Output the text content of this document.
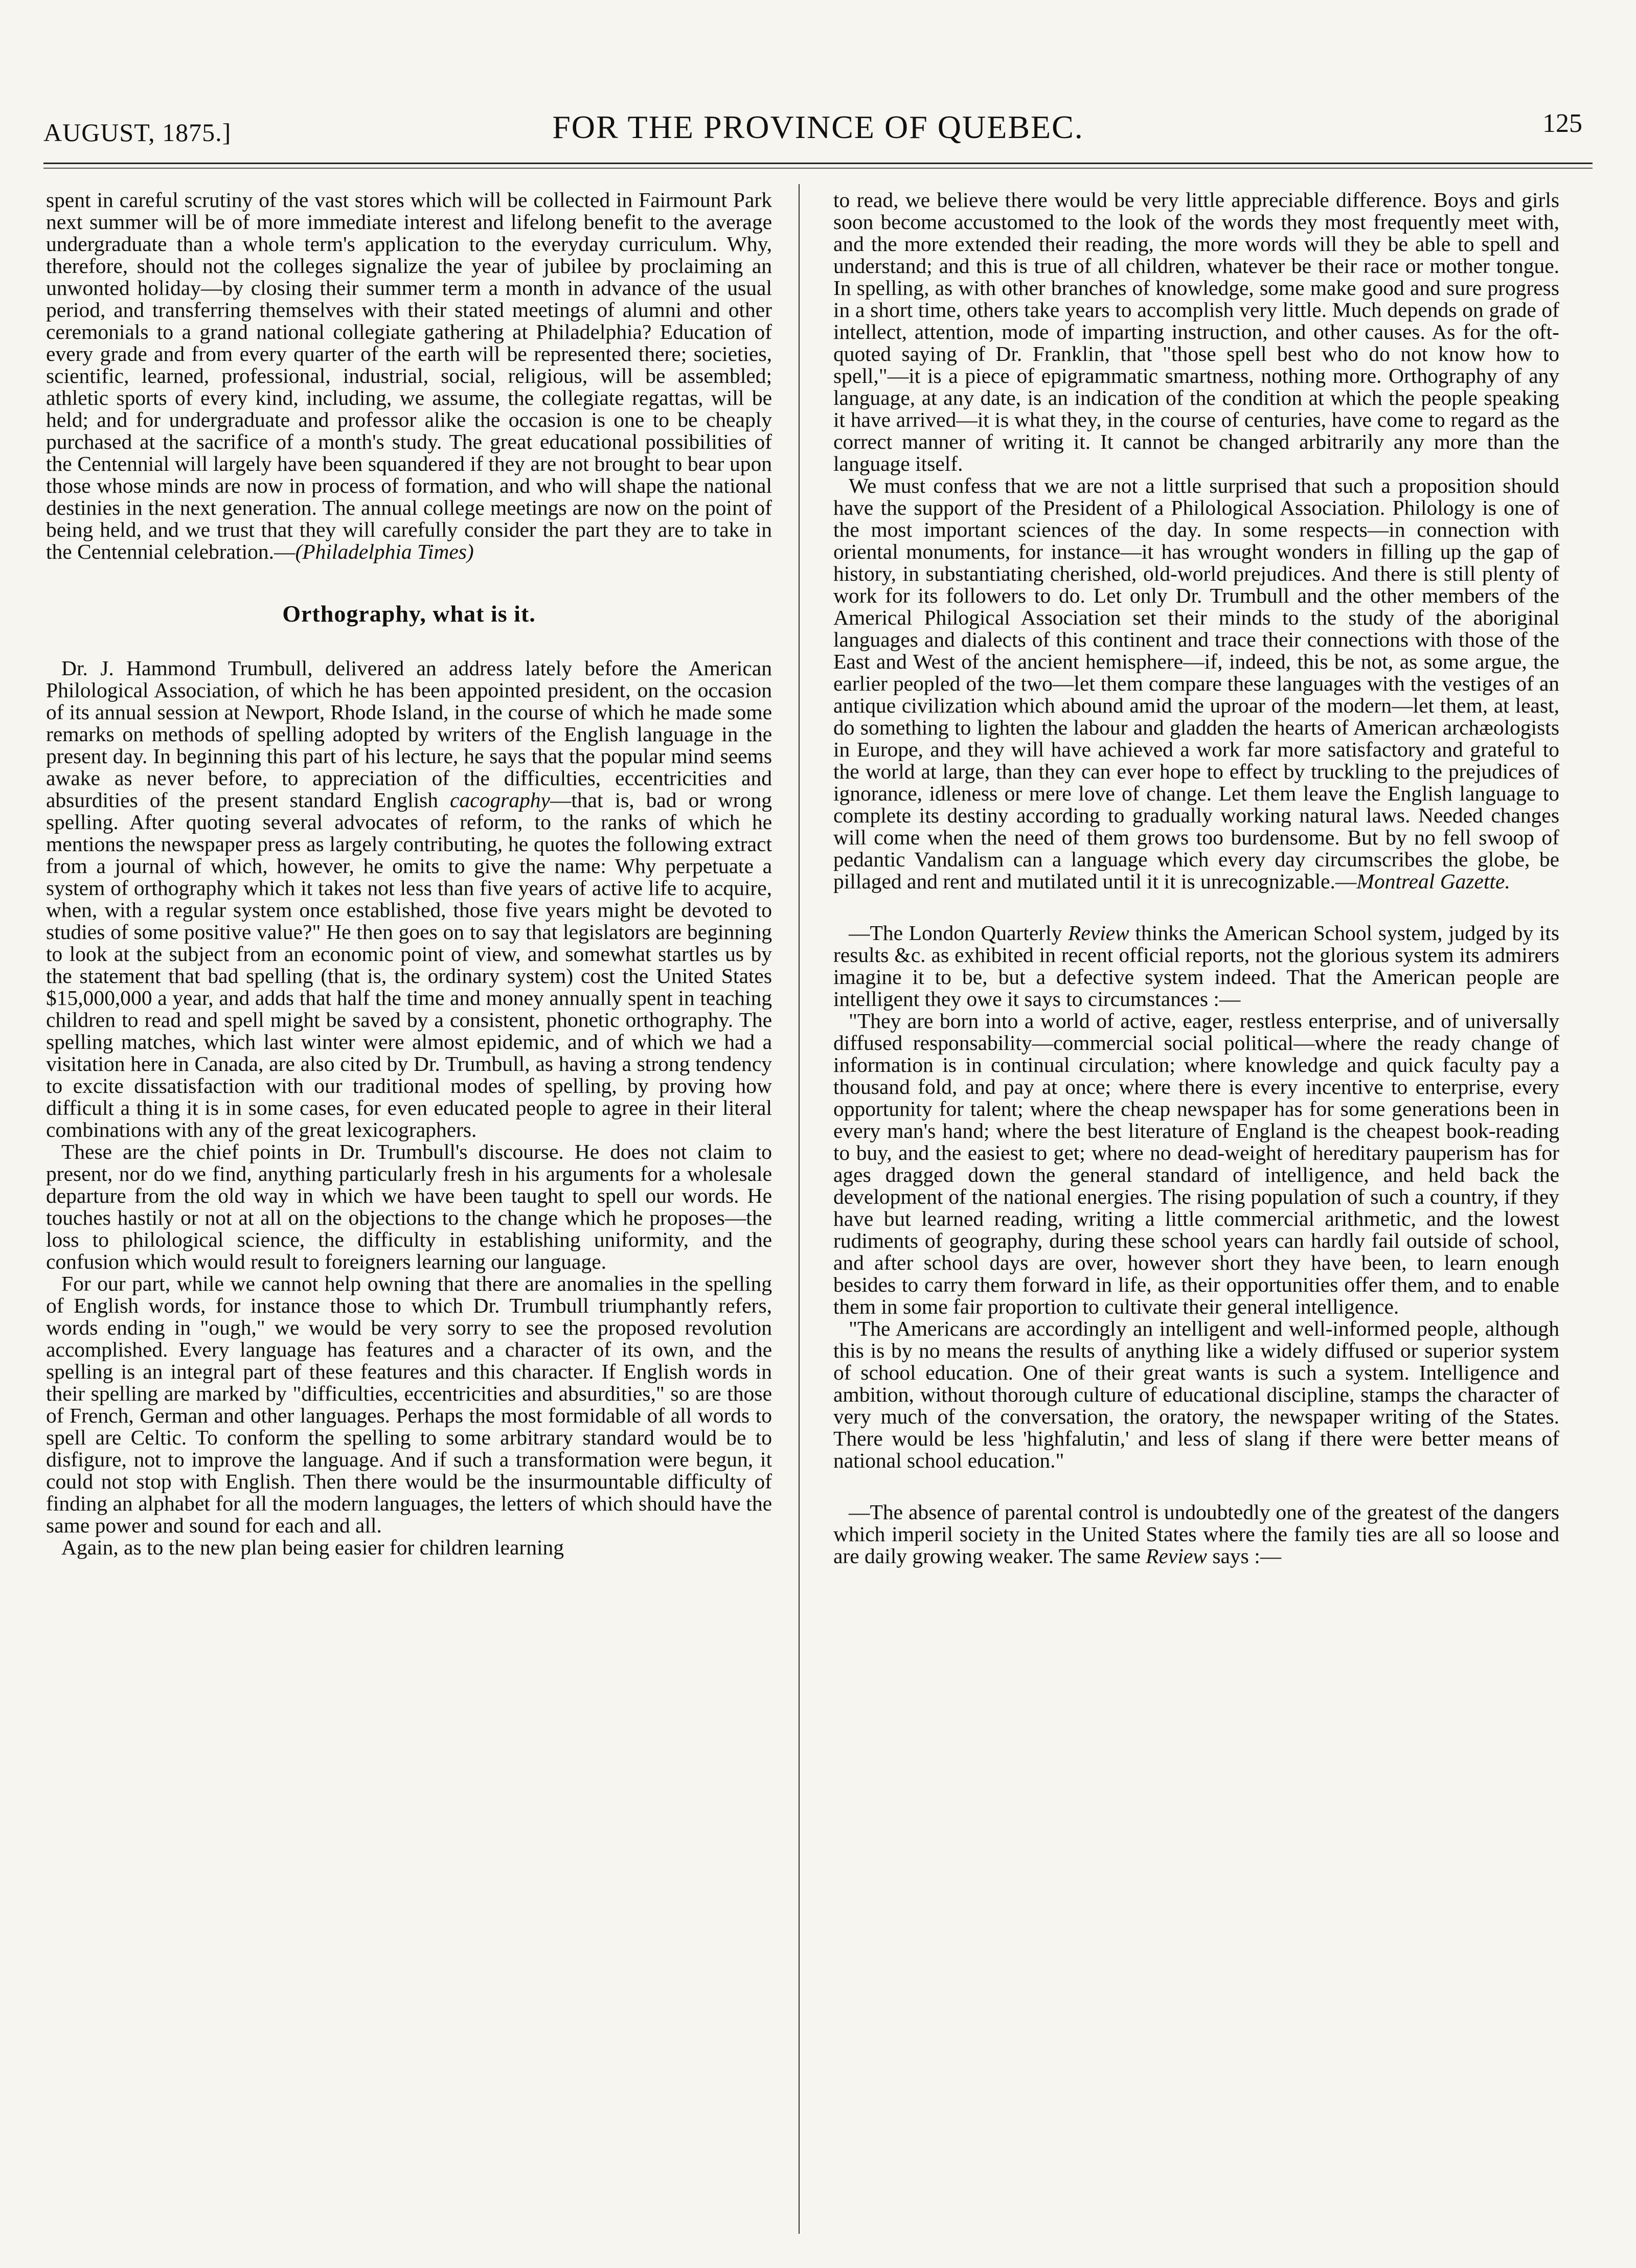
AUGUST, 1875.]	FOR THE PROVINCE OF QUEBEC.	125

spent in careful scrutiny of the vast stores which will be collected in Fairmount Park next summer will be of more immediate interest and lifelong benefit to the average undergraduate than a whole term's application to the everyday curriculum. Why, therefore, should not the colleges signalize the year of jubilee by proclaiming an unwonted holiday—by closing their summer term a month in advance of the usual period, and transferring themselves with their stated meetings of alumni and other ceremonials to a grand national collegiate gathering at Philadelphia? Education of every grade and from every quarter of the earth will be represented there; societies, scientific, learned, professional, industrial, social, religious, will be assembled; athletic sports of every kind, including, we assume, the collegiate regattas, will be held; and for undergraduate and professor alike the occasion is one to be cheaply purchased at the sacrifice of a month's study. The great educational possibilities of the Centennial will largely have been squandered if they are not brought to bear upon those whose minds are now in process of formation, and who will shape the national destinies in the next generation. The annual college meetings are now on the point of being held, and we trust that they will carefully consider the part they are to take in the Centennial celebration.—(Philadelphia Times)

Orthography, what is it.

Dr. J. Hammond Trumbull, delivered an address lately before the American Philological Association, of which he has been appointed president, on the occasion of its annual session at Newport, Rhode Island, in the course of which he made some remarks on methods of spelling adopted by writers of the English language in the present day. In beginning this part of his lecture, he says that the popular mind seems awake as never before, to appreciation of the difficulties, eccentricities and absurdities of the present standard English cacography—that is, bad or wrong spelling. After quoting several advocates of reform, to the ranks of which he mentions the newspaper press as largely contributing, he quotes the following extract from a journal of which, however, he omits to give the name: Why perpetuate a system of orthography which it takes not less than five years of active life to acquire, when, with a regular system once established, those five years might be devoted to studies of some positive value?" He then goes on to say that legislators are beginning to look at the subject from an economic point of view, and somewhat startles us by the statement that bad spelling (that is, the ordinary system) cost the United States $15,000,000 a year, and adds that half the time and money annually spent in teaching children to read and spell might be saved by a consistent, phonetic orthography. The spelling matches, which last winter were almost epidemic, and of which we had a visitation here in Canada, are also cited by Dr. Trumbull, as having a strong tendency to excite dissatisfaction with our traditional modes of spelling, by proving how difficult a thing it is in some cases, for even educated people to agree in their literal combinations with any of the great lexicographers.

These are the chief points in Dr. Trumbull's discourse. He does not claim to present, nor do we find, anything particularly fresh in his arguments for a wholesale departure from the old way in which we have been taught to spell our words. He touches hastily or not at all on the objections to the change which he proposes—the loss to philological science, the difficulty in establishing uniformity, and the confusion which would result to foreigners learning our language.

For our part, while we cannot help owning that there are anomalies in the spelling of English words, for instance those to which Dr. Trumbull triumphantly refers, words ending in "ough," we would be very sorry to see the proposed revolution accomplished. Every language has features and a character of its own, and the spelling is an integral part of these features and this character. If English words in their spelling are marked by "difficulties, eccentricities and absurdities," so are those of French, German and other languages. Perhaps the most formidable of all words to spell are Celtic. To conform the spelling to some arbitrary standard would be to disfigure, not to improve the language. And if such a transformation were begun, it could not stop with English. Then there would be the insurmountable difficulty of finding an alphabet for all the modern languages, the letters of which should have the same power and sound for each and all.

Again, as to the new plan being easier for children learning

to read, we believe there would be very little appreciable difference. Boys and girls soon become accustomed to the look of the words they most frequently meet with, and the more extended their reading, the more words will they be able to spell and understand; and this is true of all children, whatever be their race or mother tongue. In spelling, as with other branches of knowledge, some make good and sure progress in a short time, others take years to accomplish very little. Much depends on grade of intellect, attention, mode of imparting instruction, and other causes. As for the oft-quoted saying of Dr. Franklin, that "those spell best who do not know how to spell,"—it is a piece of epigrammatic smartness, nothing more. Orthography of any language, at any date, is an indication of the condition at which the people speaking it have arrived—it is what they, in the course of centuries, have come to regard as the correct manner of writing it. It cannot be changed arbitrarily any more than the language itself.

We must confess that we are not a little surprised that such a proposition should have the support of the President of a Philological Association. Philology is one of the most important sciences of the day. In some respects—in connection with oriental monuments, for instance—it has wrought wonders in filling up the gap of history, in substantiating cherished, old-world prejudices. And there is still plenty of work for its followers to do. Let only Dr. Trumbull and the other members of the Americal Philogical Association set their minds to the study of the aboriginal languages and dialects of this continent and trace their connections with those of the East and West of the ancient hemisphere—if, indeed, this be not, as some argue, the earlier peopled of the two—let them compare these languages with the vestiges of an antique civilization which abound amid the uproar of the modern—let them, at least, do something to lighten the labour and gladden the hearts of American archæologists in Europe, and they will have achieved a work far more satisfactory and grateful to the world at large, than they can ever hope to effect by truckling to the prejudices of ignorance, idleness or mere love of change. Let them leave the English language to complete its destiny according to gradually working natural laws. Needed changes will come when the need of them grows too burdensome. But by no fell swoop of pedantic Vandalism can a language which every day circumscribes the globe, be pillaged and rent and mutilated until it it is unrecognizable.—Montreal Gazette.

—The London Quarterly Review thinks the American School system, judged by its results &c. as exhibited in recent official reports, not the glorious system its admirers imagine it to be, but a defective system indeed. That the American people are intelligent they owe it says to circumstances :—

"They are born into a world of active, eager, restless enterprise, and of universally diffused responsability—commercial social political—where the ready change of information is in continual circulation; where knowledge and quick faculty pay a thousand fold, and pay at once; where there is every incentive to enterprise, every opportunity for talent; where the cheap newspaper has for some generations been in every man's hand; where the best literature of England is the cheapest book-reading to buy, and the easiest to get; where no dead-weight of hereditary pauperism has for ages dragged down the general standard of intelligence, and held back the development of the national energies. The rising population of such a country, if they have but learned reading, writing a little commercial arithmetic, and the lowest rudiments of geography, during these school years can hardly fail outside of school, and after school days are over, however short they have been, to learn enough besides to carry them forward in life, as their opportunities offer them, and to enable them in some fair proportion to cultivate their general intelligence.

"The Americans are accordingly an intelligent and well-informed people, although this is by no means the results of anything like a widely diffused or superior system of school education. One of their great wants is such a system. Intelligence and ambition, without thorough culture of educational discipline, stamps the character of very much of the conversation, the oratory, the newspaper writing of the States. There would be less 'highfalutin,' and less of slang if there were better means of national school education."

—The absence of parental control is undoubtedly one of the greatest of the dangers which imperil society in the United States where the family ties are all so loose and are daily growing weaker. The same Review says :—
